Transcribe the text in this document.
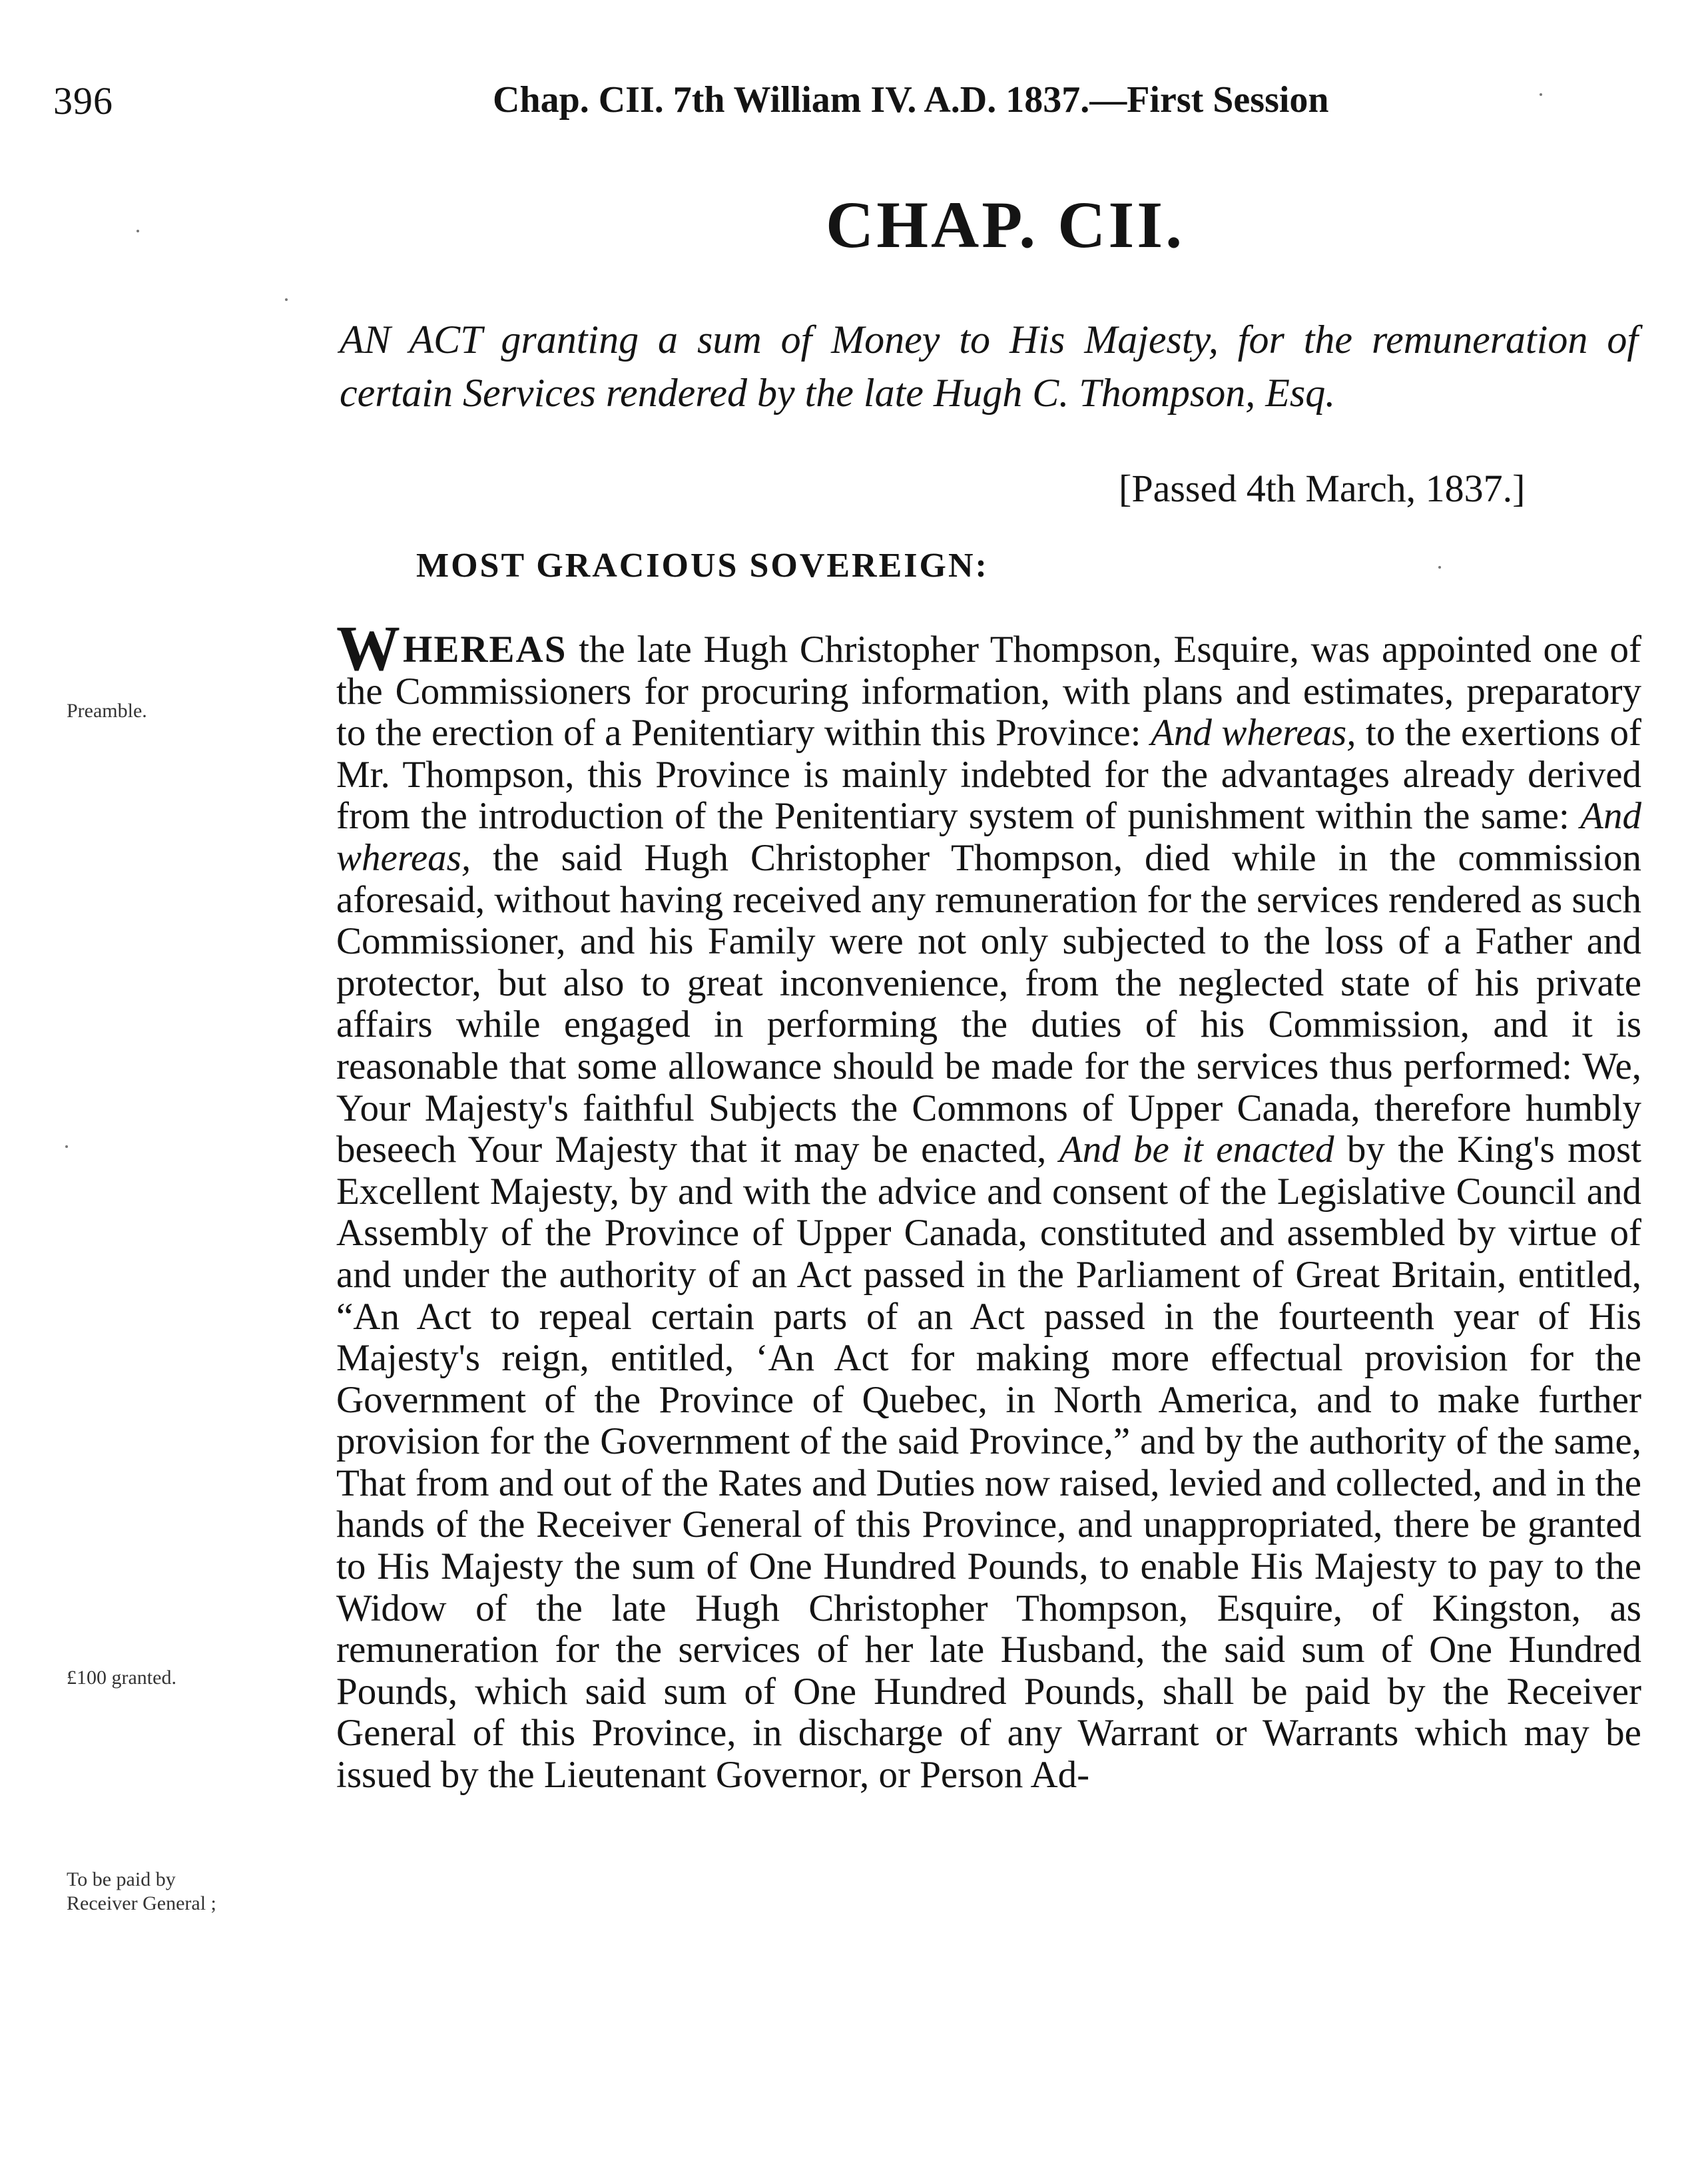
396	Chap. CII. 7th William IV. A.D. 1837.—First Session
CHAP. CII.
AN ACT granting a sum of Money to His Majesty, for the remuneration of certain Services rendered by the late Hugh C. Thompson, Esq.
[Passed 4th March, 1837.]
MOST GRACIOUS SOVEREIGN:
Preamble.
£100 granted.
To be paid by
Receiver General ;

WHEREAS the late Hugh Christopher Thompson, Esquire, was appointed one of the Commissioners for procuring information, with plans and estimates, preparatory to the erection of a Penitentiary within this Province: And whereas, to the exertions of Mr. Thompson, this Province is mainly indebted for the advantages already derived from the introduction of the Penitentiary system of punishment within the same: And whereas, the said Hugh Christopher Thompson, died while in the commission aforesaid, without having received any remuneration for the services rendered as such Commissioner, and his Family were not only subjected to the loss of a Father and protector, but also to great inconvenience, from the neglected state of his private affairs while engaged in performing the duties of his Commission, and it is reasonable that some allowance should be made for the services thus performed: We, Your Majesty's faithful Subjects the Commons of Upper Canada, therefore humbly beseech Your Majesty that it may be enacted, And be it enacted by the King's most Excellent Majesty, by and with the advice and consent of the Legislative Council and Assembly of the Province of Upper Canada, constituted and assembled by virtue of and under the authority of an Act passed in the Parliament of Great Britain, entitled, “An Act to repeal certain parts of an Act passed in the fourteenth year of His Majesty's reign, entitled, ‘An Act for making more effectual provision for the Government of the Province of Quebec, in North America, and to make further provision for the Government of the said Province,” and by the authority of the same, That from and out of the Rates and Duties now raised, levied and collected, and in the hands of the Receiver General of this Province, and unappropriated, there be granted to His Majesty the sum of One Hundred Pounds, to enable His Majesty to pay to the Widow of the late Hugh Christopher Thompson, Esquire, of Kingston, as remuneration for the services of her late Husband, the said sum of One Hundred Pounds, which said sum of One Hundred Pounds, shall be paid by the Receiver General of this Province, in discharge of any Warrant or Warrants which may be issued by the Lieutenant Governor, or Person Ad-
